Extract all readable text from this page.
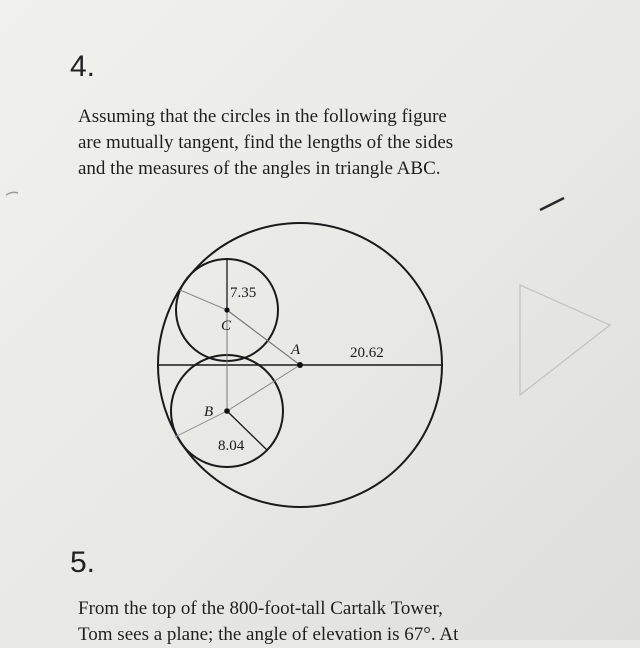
4.
Assuming that the circles in the following figure
are mutually tangent, find the lengths of the sides
and the measures of the angles in triangle ABC.
C
A
B
7.35
20.62
8.04
5.
From the top of the 800-foot-tall Cartalk Tower,
Tom sees a plane; the angle of elevation is 67°. At
